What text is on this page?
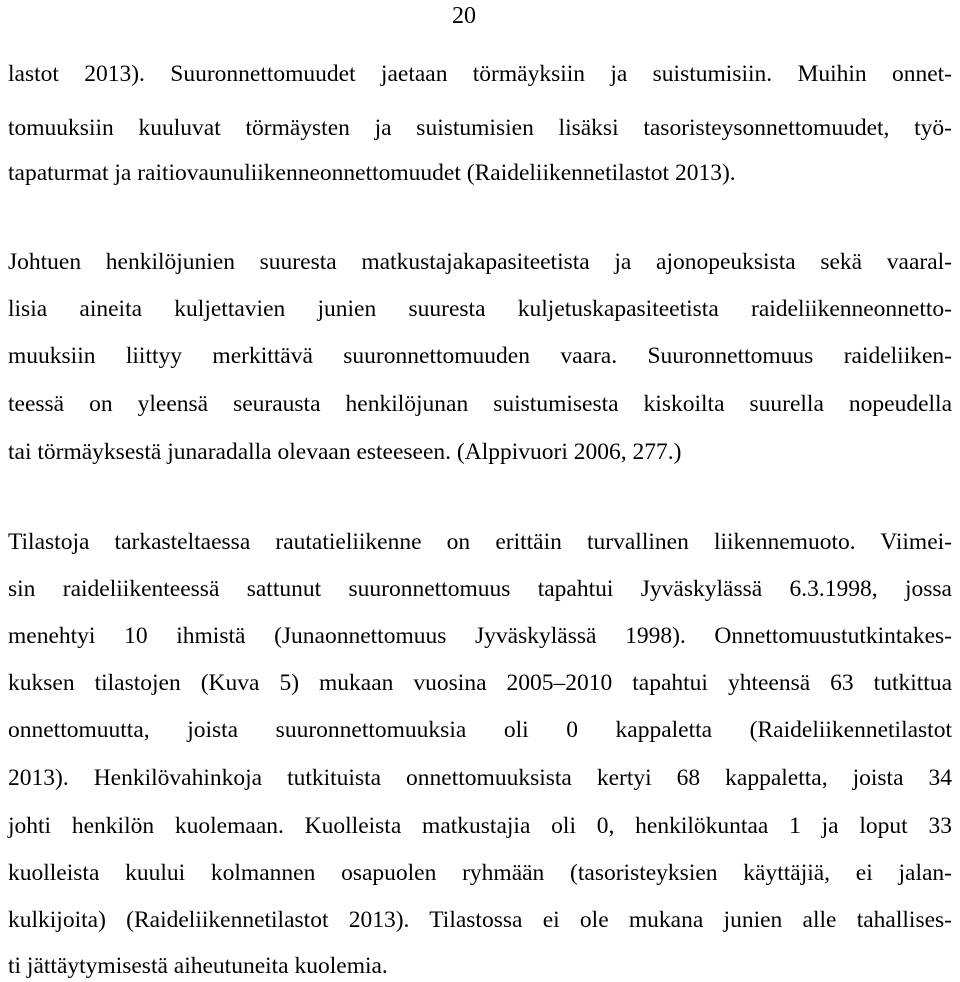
20
lastot 2013). Suuronnettomuudet jaetaan törmäyksiin ja suistumisiin. Muihin onnet-
tomuuksiin kuuluvat törmäysten ja suistumisien lisäksi tasoristeysonnettomuudet, työ-
tapaturmat ja raitiovaunuliikenneonnettomuudet (Raideliikennetilastot 2013).
Johtuen henkilöjunien suuresta matkustajakapasiteetista ja ajonopeuksista sekä vaaral-
lisia aineita kuljettavien junien suuresta kuljetuskapasiteetista raideliikenneonnetto-
muuksiin liittyy merkittävä suuronnettomuuden vaara. Suuronnettomuus raideliiken-
teessä on yleensä seurausta henkilöjunan suistumisesta kiskoilta suurella nopeudella
tai törmäyksestä junaradalla olevaan esteeseen. (Alppivuori 2006, 277.)
Tilastoja tarkasteltaessa rautatieliikenne on erittäin turvallinen liikennemuoto. Viimei-
sin raideliikenteessä sattunut suuronnettomuus tapahtui Jyväskylässä 6.3.1998, jossa
menehtyi 10 ihmistä (Junaonnettomuus Jyväskylässä 1998). Onnettomuustutkintakes-
kuksen tilastojen (Kuva 5) mukaan vuosina 2005–2010 tapahtui yhteensä 63 tutkittua
onnettomuutta, joista suuronnettomuuksia oli 0 kappaletta (Raideliikennetilastot
2013). Henkilövahinkoja tutkituista onnettomuuksista kertyi 68 kappaletta, joista 34
johti henkilön kuolemaan. Kuolleista matkustajia oli 0, henkilökuntaa 1 ja loput 33
kuolleista kuului kolmannen osapuolen ryhmään (tasoristeyksien käyttäjiä, ei jalan-
kulkijoita) (Raideliikennetilastot 2013). Tilastossa ei ole mukana junien alle tahallises-
ti jättäytymisestä aiheutuneita kuolemia.
